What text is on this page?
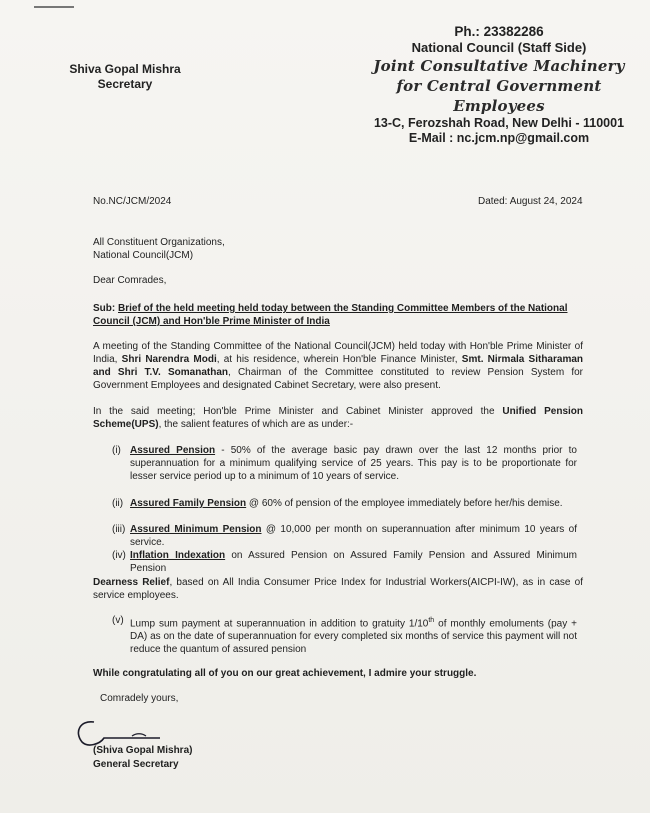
Shiva Gopal Mishra
Secretary
Ph.: 23382286
National Council (Staff Side)
Joint Consultative Machinery
for Central Government Employees
13-C, Ferozshah Road, New Delhi - 110001
E-Mail : nc.jcm.np@gmail.com
No.NC/JCM/2024	Dated: August 24, 2024
All Constituent Organizations,
National Council(JCM)
Dear Comrades,
Sub: Brief of the held meeting held today between the Standing Committee Members of the National Council (JCM) and Hon'ble Prime Minister of India
A meeting of the Standing Committee of the National Council(JCM) held today with Hon'ble Prime Minister of India, Shri Narendra Modi, at his residence, wherein Hon'ble Finance Minister, Smt. Nirmala Sitharaman and Shri T.V. Somanathan, Chairman of the Committee constituted to review Pension System for Government Employees and designated Cabinet Secretary, were also present.
In the said meeting; Hon'ble Prime Minister and Cabinet Minister approved the Unified Pension Scheme(UPS), the salient features of which are as under:-
(i) Assured Pension - 50% of the average basic pay drawn over the last 12 months prior to superannuation for a minimum qualifying service of 25 years. This pay is to be proportionate for lesser service period up to a minimum of 10 years of service.
(ii) Assured Family Pension @ 60% of pension of the employee immediately before her/his demise.
(iii) Assured Minimum Pension @ 10,000 per month on superannuation after minimum 10 years of service.
(iv) Inflation Indexation on Assured Pension on Assured Family Pension and Assured Minimum Pension
Dearness Relief, based on All India Consumer Price Index for Industrial Workers(AICPI-IW), as in case of service employees.
(v) Lump sum payment at superannuation in addition to gratuity 1/10th of monthly emoluments (pay + DA) as on the date of superannuation for every completed six months of service this payment will not reduce the quantum of assured pension
While congratulating all of you on our great achievement, I admire your struggle.
Comradely yours,
(Shiva Gopal Mishra)
General Secretary
